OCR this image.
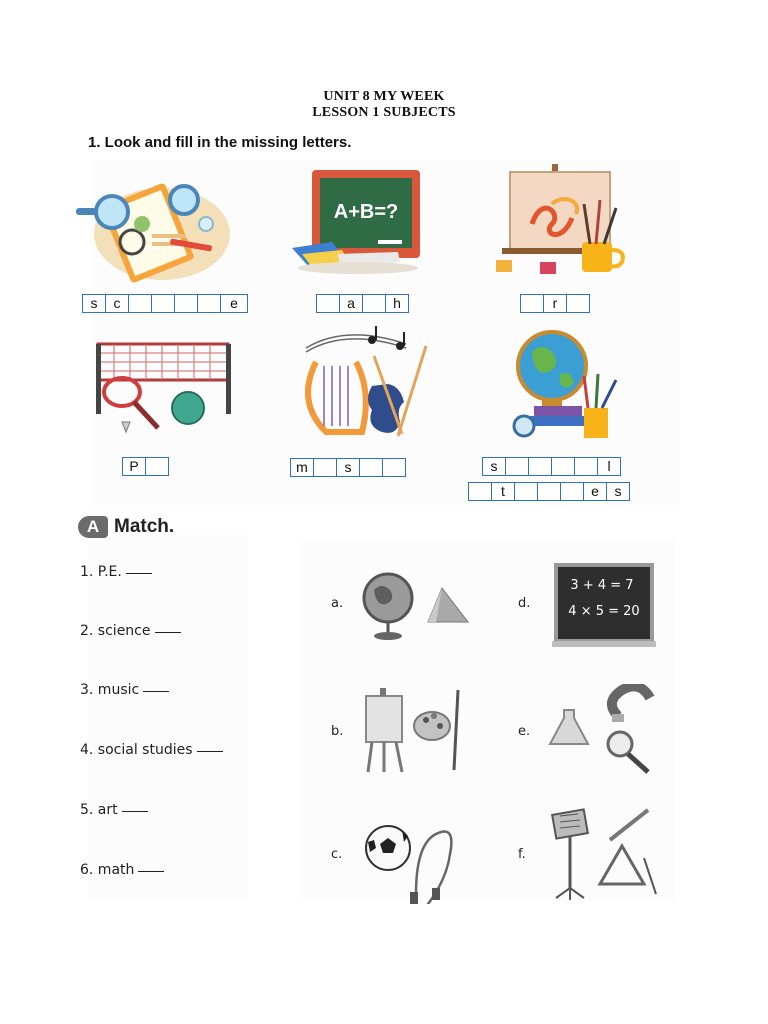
UNIT 8 MY WEEK
LESSON 1 SUBJECTS
1. Look and fill in the missing letters.
A+B=?
s	c	e	a	h	r
P	m	s	s	l
t	e	s
A Match.
1. P.E.
2. science
3. music
4. social studies
5. art
6. math
a.
b.
c.
d.
e.
f.
3 + 4 = 7
4 × 5 = 20
